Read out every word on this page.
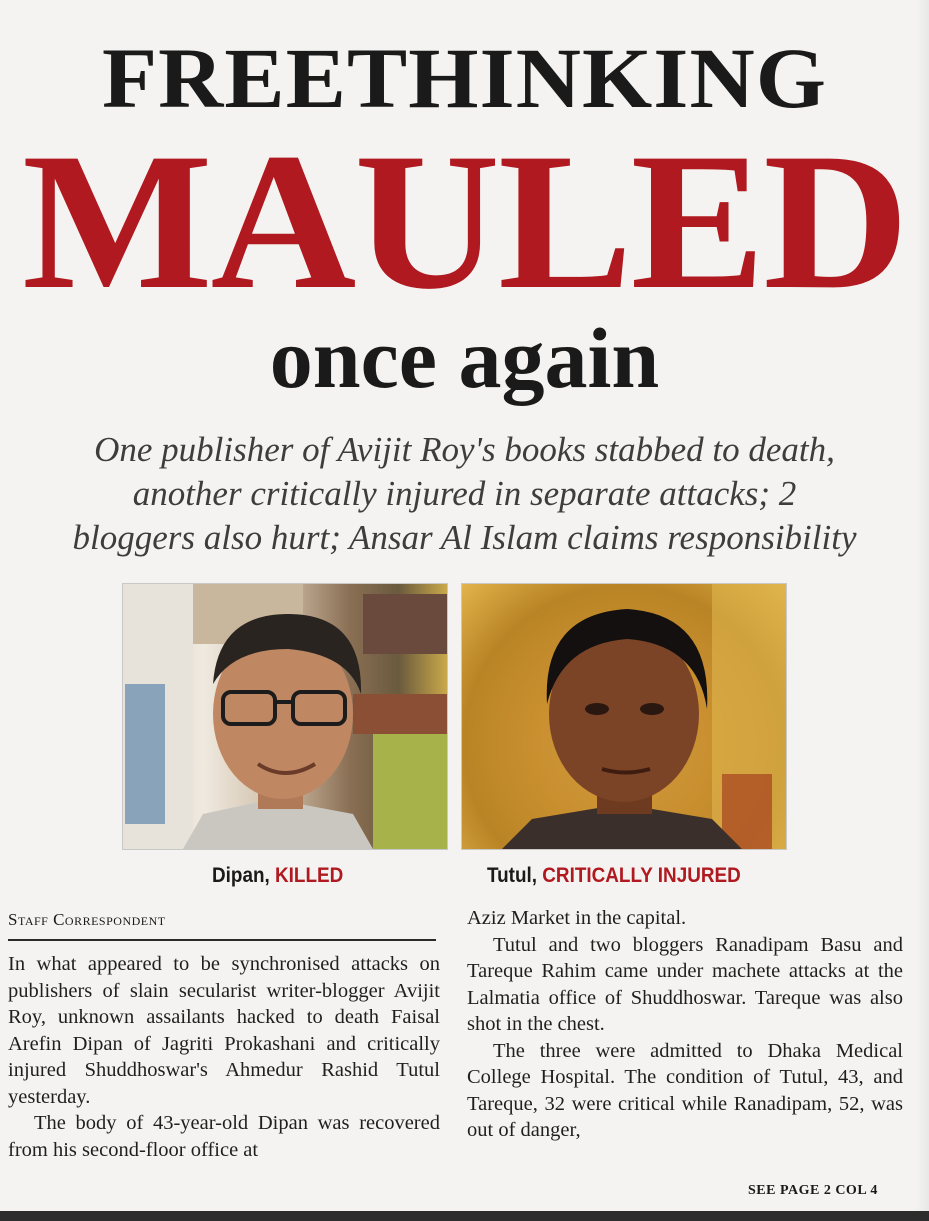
FREETHINKING
MAULED
once again
One publisher of Avijit Roy's books stabbed to death,
another critically injured in separate attacks; 2
bloggers also hurt; Ansar Al Islam claims responsibility
Dipan, KILLED	Tutul, CRITICALLY INJURED
Staff Correspondent

In what appeared to be synchronised attacks on publishers of slain secularist writer-blogger Avijit Roy, unknown assailants hacked to death Faisal Arefin Dipan of Jagriti Prokashani and critically injured Shuddhoswar's Ahmedur Rashid Tutul yesterday.

The body of 43-year-old Dipan was recovered from his second-floor office at

Aziz Market in the capital.

Tutul and two bloggers Ranadipam Basu and Tareque Rahim came under machete attacks at the Lalmatia office of Shuddhoswar. Tareque was also shot in the chest.

The three were admitted to Dhaka Medical College Hospital. The condition of Tutul, 43, and Tareque, 32 were critical while Ranadipam, 52, was out of danger,

SEE PAGE 2 COL 4
